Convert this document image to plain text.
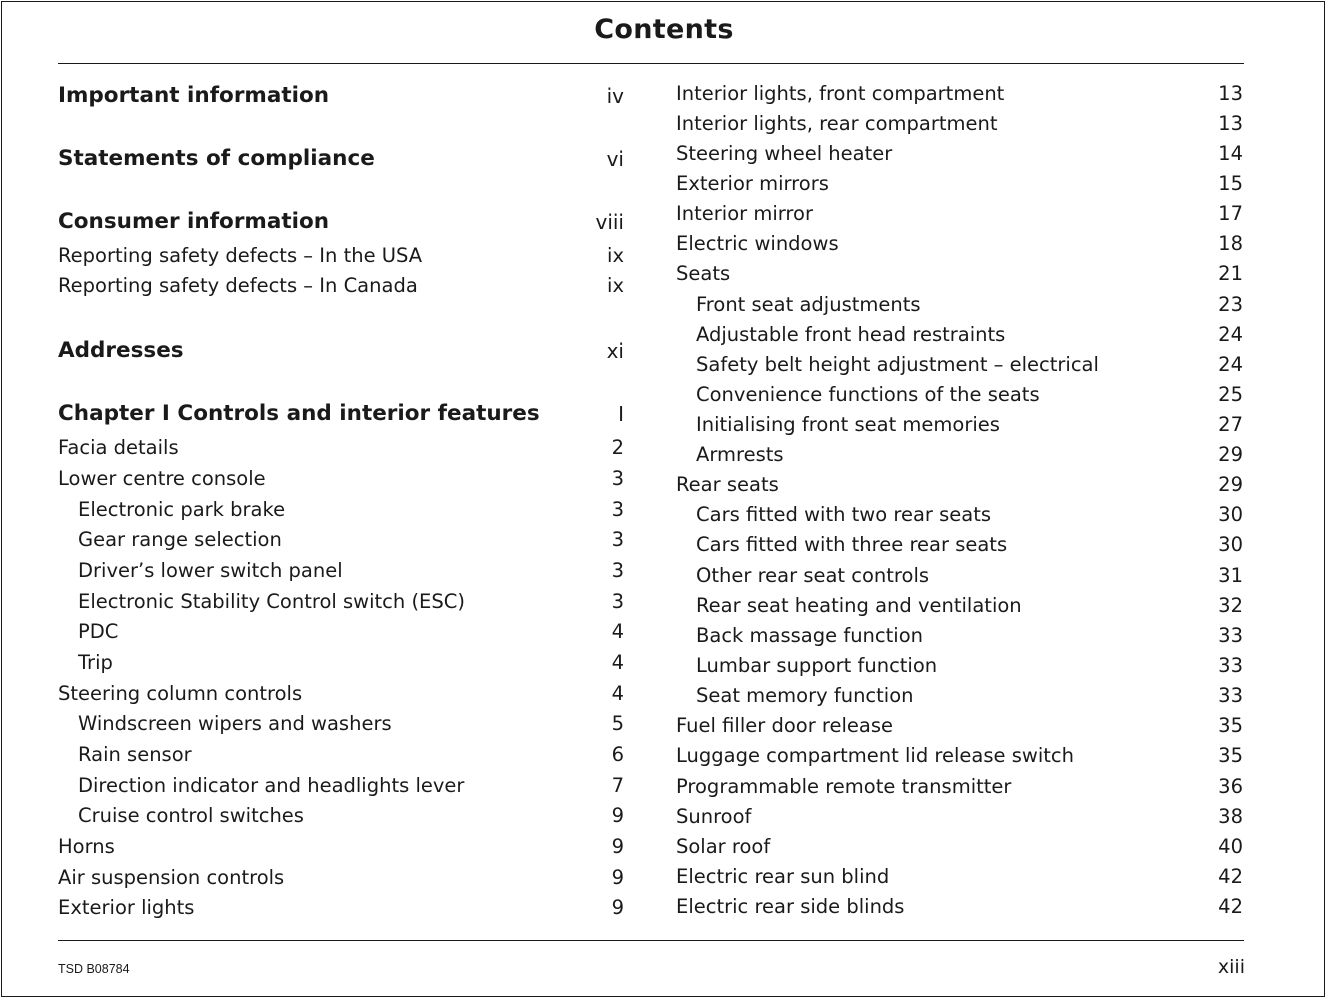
Contents
Important information	iv
Statements of compliance	vi
Consumer information	viii
Reporting safety defects – In the USA	ix
Reporting safety defects – In Canada	ix
Addresses	xi
Chapter I Controls and interior features	I
Facia details	2
Lower centre console	3
Electronic park brake	3
Gear range selection	3
Driver’s lower switch panel	3
Electronic Stability Control switch (ESC)	3
PDC	4
Trip	4
Steering column controls	4
Windscreen wipers and washers	5
Rain sensor	6
Direction indicator and headlights lever	7
Cruise control switches	9
Horns	9
Air suspension controls	9
Exterior lights	9
Interior lights, front compartment	13
Interior lights, rear compartment	13
Steering wheel heater	14
Exterior mirrors	15
Interior mirror	17
Electric windows	18
Seats	21
Front seat adjustments	23
Adjustable front head restraints	24
Safety belt height adjustment – electrical	24
Convenience functions of the seats	25
Initialising front seat memories	27
Armrests	29
Rear seats	29
Cars fitted with two rear seats	30
Cars fitted with three rear seats	30
Other rear seat controls	31
Rear seat heating and ventilation	32
Back massage function	33
Lumbar support function	33
Seat memory function	33
Fuel filler door release	35
Luggage compartment lid release switch	35
Programmable remote transmitter	36
Sunroof	38
Solar roof	40
Electric rear sun blind	42
Electric rear side blinds	42
TSD B08784	xiii
